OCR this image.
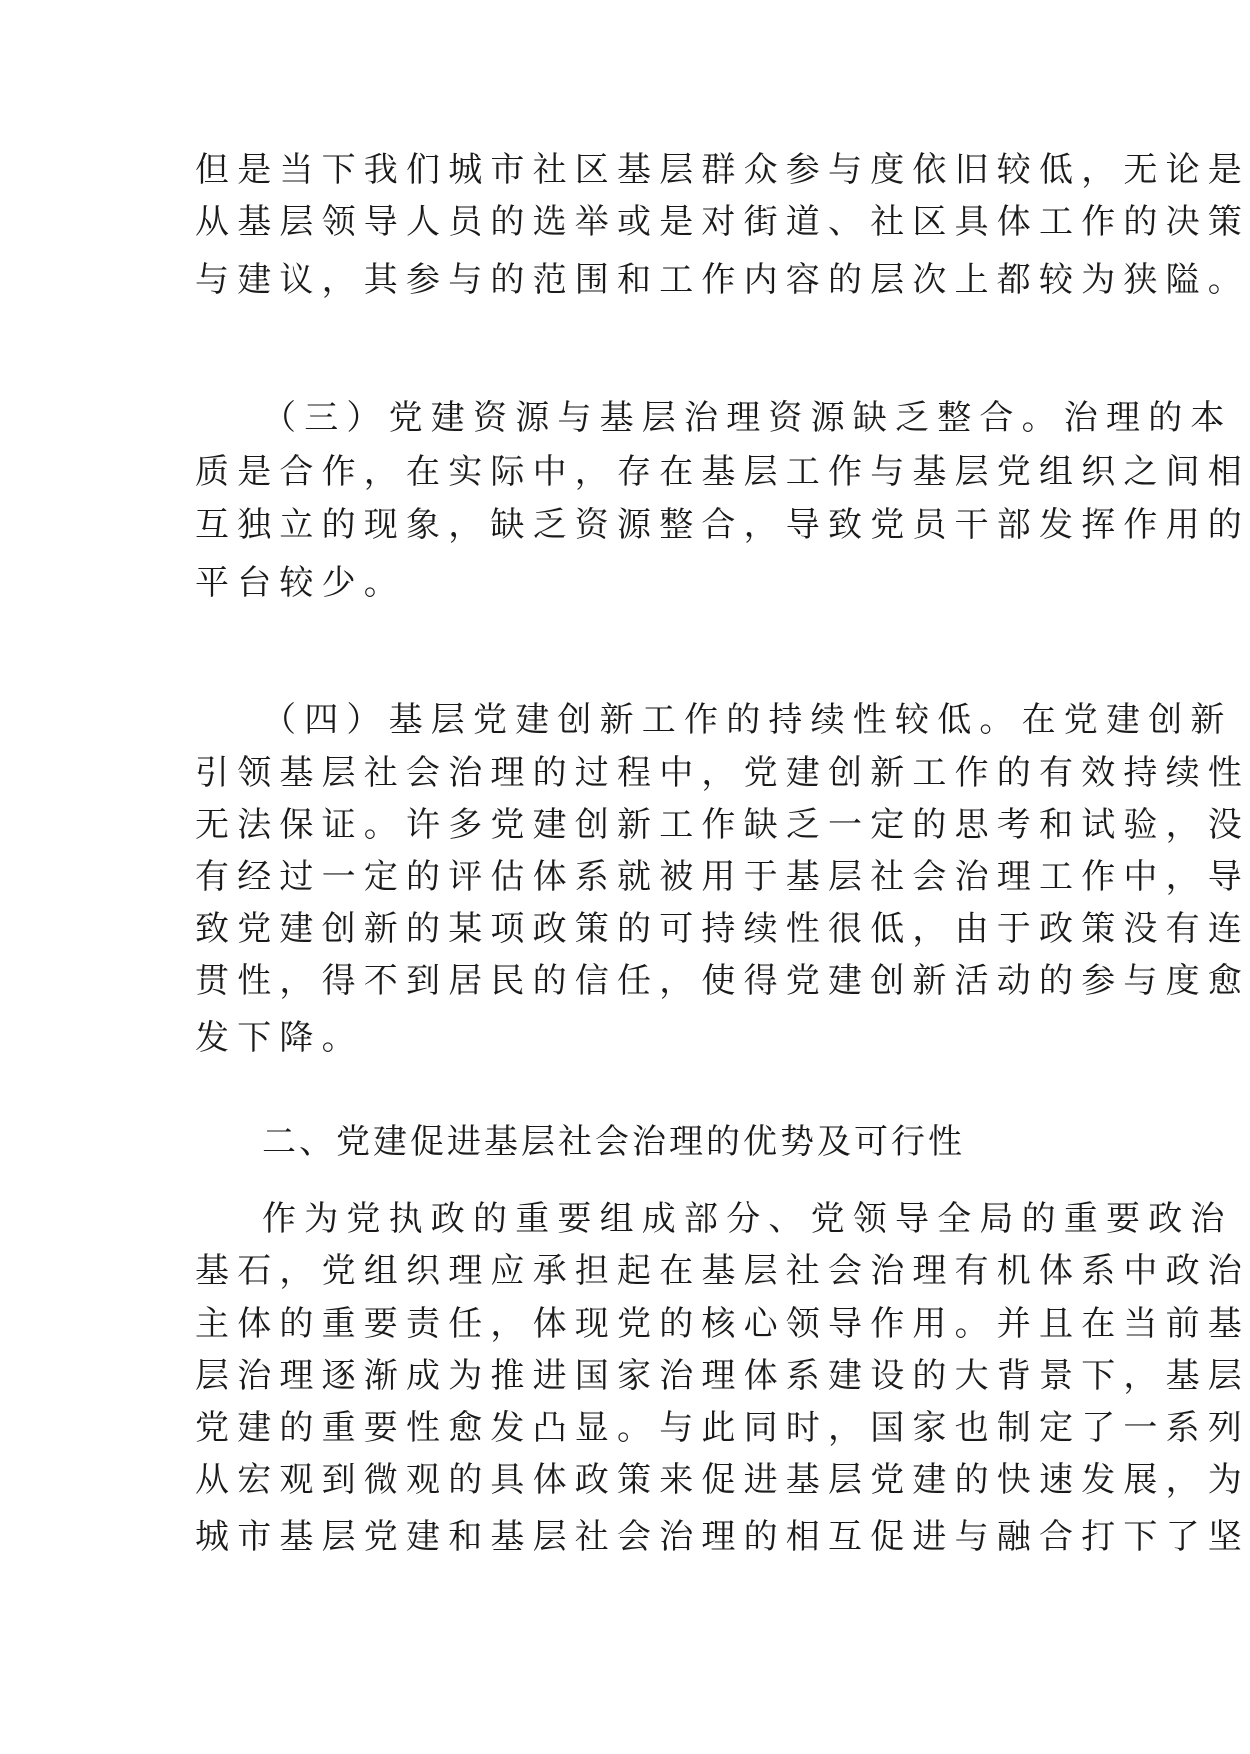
但是当下我们城市社区基层群众参与度依旧较低，无论是
从基层领导人员的选举或是对街道、社区具体工作的决策
与建议，其参与的范围和工作内容的层次上都较为狭隘。
（三）党建资源与基层治理资源缺乏整合。治理的本
质是合作，在实际中，存在基层工作与基层党组织之间相
互独立的现象，缺乏资源整合，导致党员干部发挥作用的
平台较少。
（四）基层党建创新工作的持续性较低。在党建创新
引领基层社会治理的过程中，党建创新工作的有效持续性
无法保证。许多党建创新工作缺乏一定的思考和试验，没
有经过一定的评估体系就被用于基层社会治理工作中，导
致党建创新的某项政策的可持续性很低，由于政策没有连
贯性，得不到居民的信任，使得党建创新活动的参与度愈
发下降。
二、党建促进基层社会治理的优势及可行性
作为党执政的重要组成部分、党领导全局的重要政治
基石，党组织理应承担起在基层社会治理有机体系中政治
主体的重要责任，体现党的核心领导作用。并且在当前基
层治理逐渐成为推进国家治理体系建设的大背景下，基层
党建的重要性愈发凸显。与此同时，国家也制定了一系列
从宏观到微观的具体政策来促进基层党建的快速发展，为
城市基层党建和基层社会治理的相互促进与融合打下了坚
